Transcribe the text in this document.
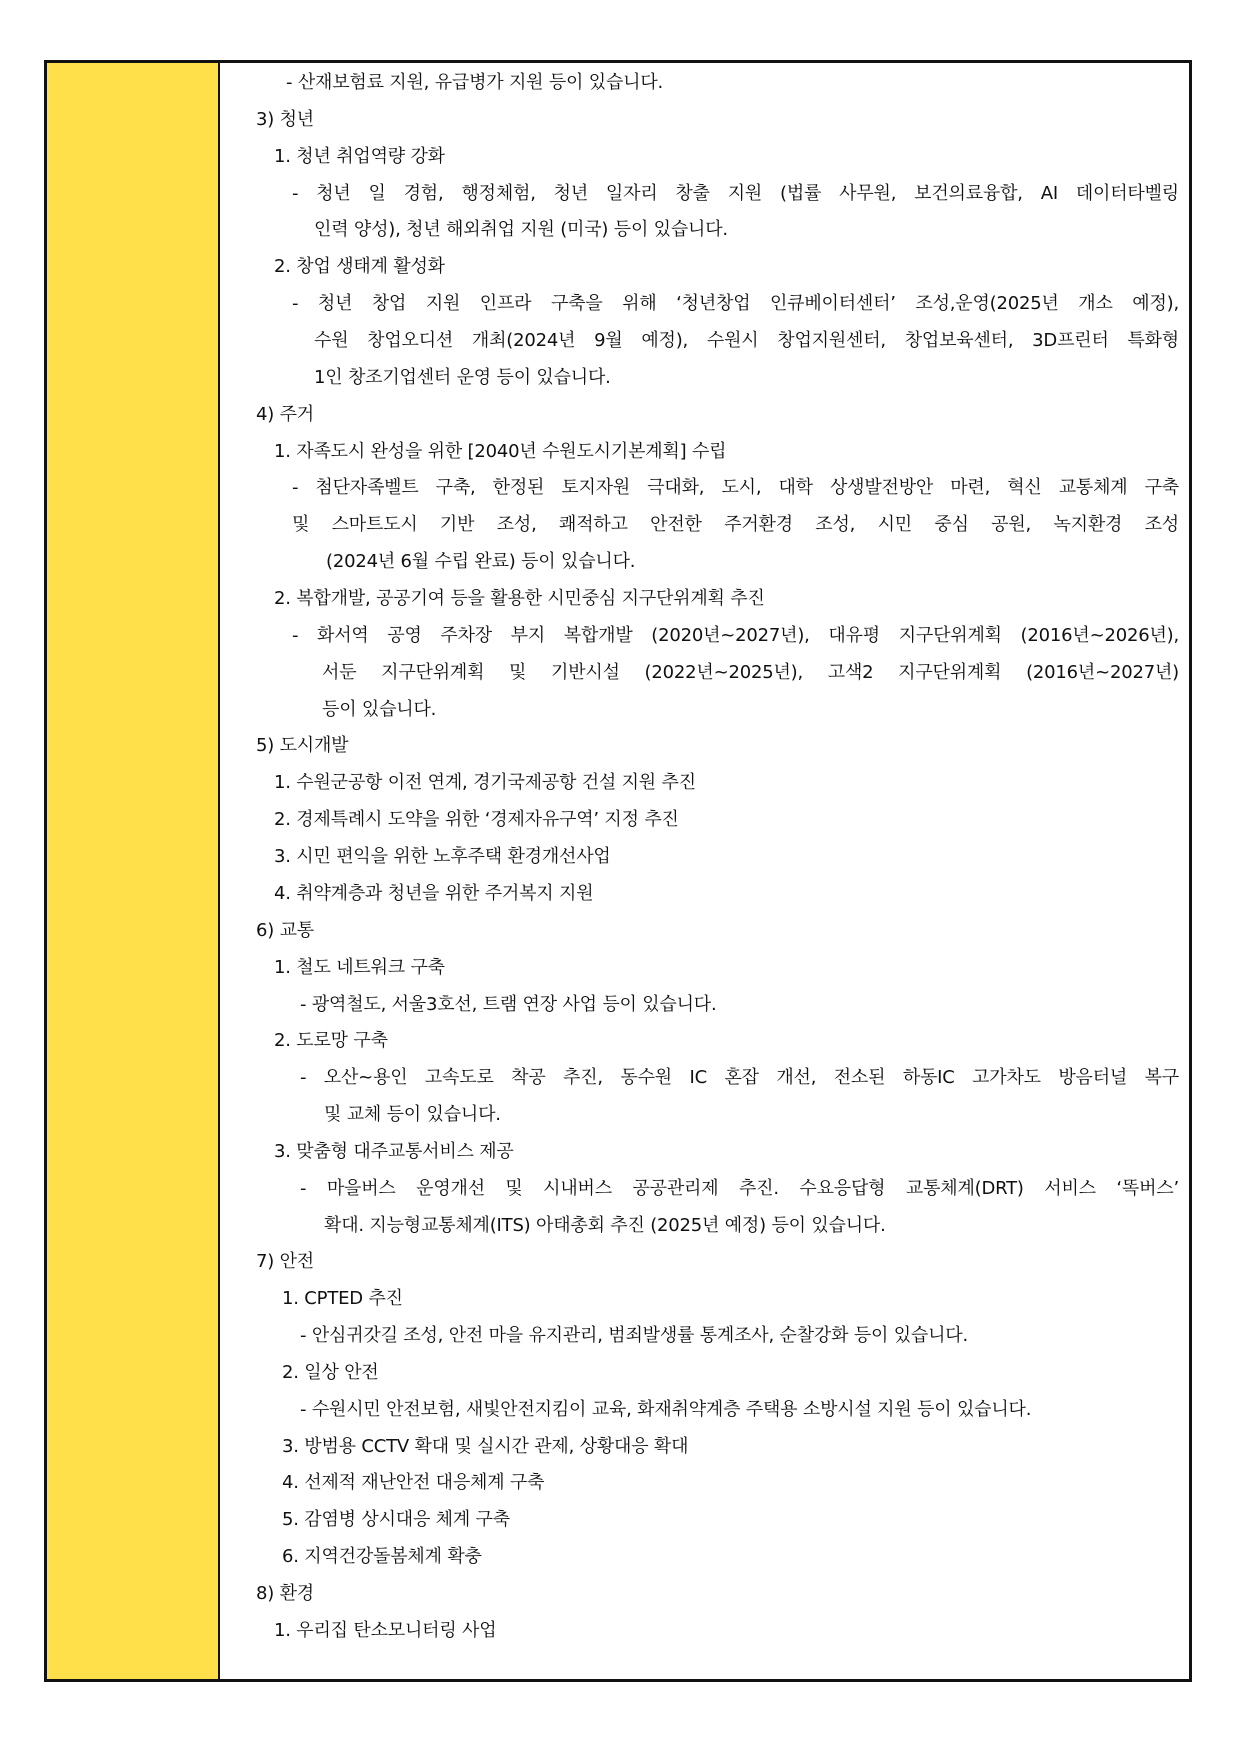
- 산재보험료 지원, 유급병가 지원 등이 있습니다.
3) 청년
1. 청년 취업역량 강화
- 청년 일 경험, 행정체험, 청년 일자리 창출 지원 (법률 사무원, 보건의료융합, AI 데이터타벨링
인력 양성), 청년 해외취업 지원 (미국) 등이 있습니다.
2. 창업 생태계 활성화
- 청년 창업 지원 인프라 구축을 위해 ‘청년창업 인큐베이터센터’ 조성,운영(2025년 개소 예정),
수원 창업오디션 개최(2024년 9월 예정), 수원시 창업지원센터, 창업보육센터, 3D프린터 특화형
1인 창조기업센터 운영 등이 있습니다.
4) 주거
1. 자족도시 완성을 위한 [2040년 수원도시기본계획] 수립
- 첨단자족벨트 구축, 한정된 토지자원 극대화, 도시, 대학 상생발전방안 마련, 혁신 교통체계 구축
및 스마트도시 기반 조성, 쾌적하고 안전한 주거환경 조성, 시민 중심 공원, 녹지환경 조성
(2024년 6월 수립 완료) 등이 있습니다.
2. 복합개발, 공공기여 등을 활용한 시민중심 지구단위계획 추진
- 화서역 공영 주차장 부지 복합개발 (2020년~2027년), 대유평 지구단위계획 (2016년~2026년),
서둔 지구단위계획 및 기반시설 (2022년~2025년), 고색2 지구단위계획 (2016년~2027년)
등이 있습니다.
5) 도시개발
1. 수원군공항 이전 연계, 경기국제공항 건설 지원 추진
2. 경제특례시 도약을 위한 ‘경제자유구역’ 지정 추진
3. 시민 편익을 위한 노후주택 환경개선사업
4. 취약계층과 청년을 위한 주거복지 지원
6) 교통
1. 철도 네트워크 구축
- 광역철도, 서울3호선, 트램 연장 사업 등이 있습니다.
2. 도로망 구축
- 오산~용인 고속도로 착공 추진, 동수원 IC 혼잡 개선, 전소된 하동IC 고가차도 방음터널 복구
및 교체 등이 있습니다.
3. 맞춤형 대주교통서비스 제공
- 마을버스 운영개선 및 시내버스 공공관리제 추진. 수요응답형 교통체계(DRT) 서비스 ‘똑버스’
확대. 지능형교통체계(ITS) 아태총회 추진 (2025년 예정) 등이 있습니다.
7) 안전
1. CPTED 추진
- 안심귀갓길 조성, 안전 마을 유지관리, 범죄발생률 통계조사, 순찰강화 등이 있습니다.
2. 일상 안전
- 수원시민 안전보험, 새빛안전지킴이 교육, 화재취약계층 주택용 소방시설 지원 등이 있습니다.
3. 방범용 CCTV 확대 및 실시간 관제, 상황대응 확대
4. 선제적 재난안전 대응체계 구축
5. 감염병 상시대응 체계 구축
6. 지역건강돌봄체계 확충
8) 환경
1. 우리집 탄소모니터링 사업
